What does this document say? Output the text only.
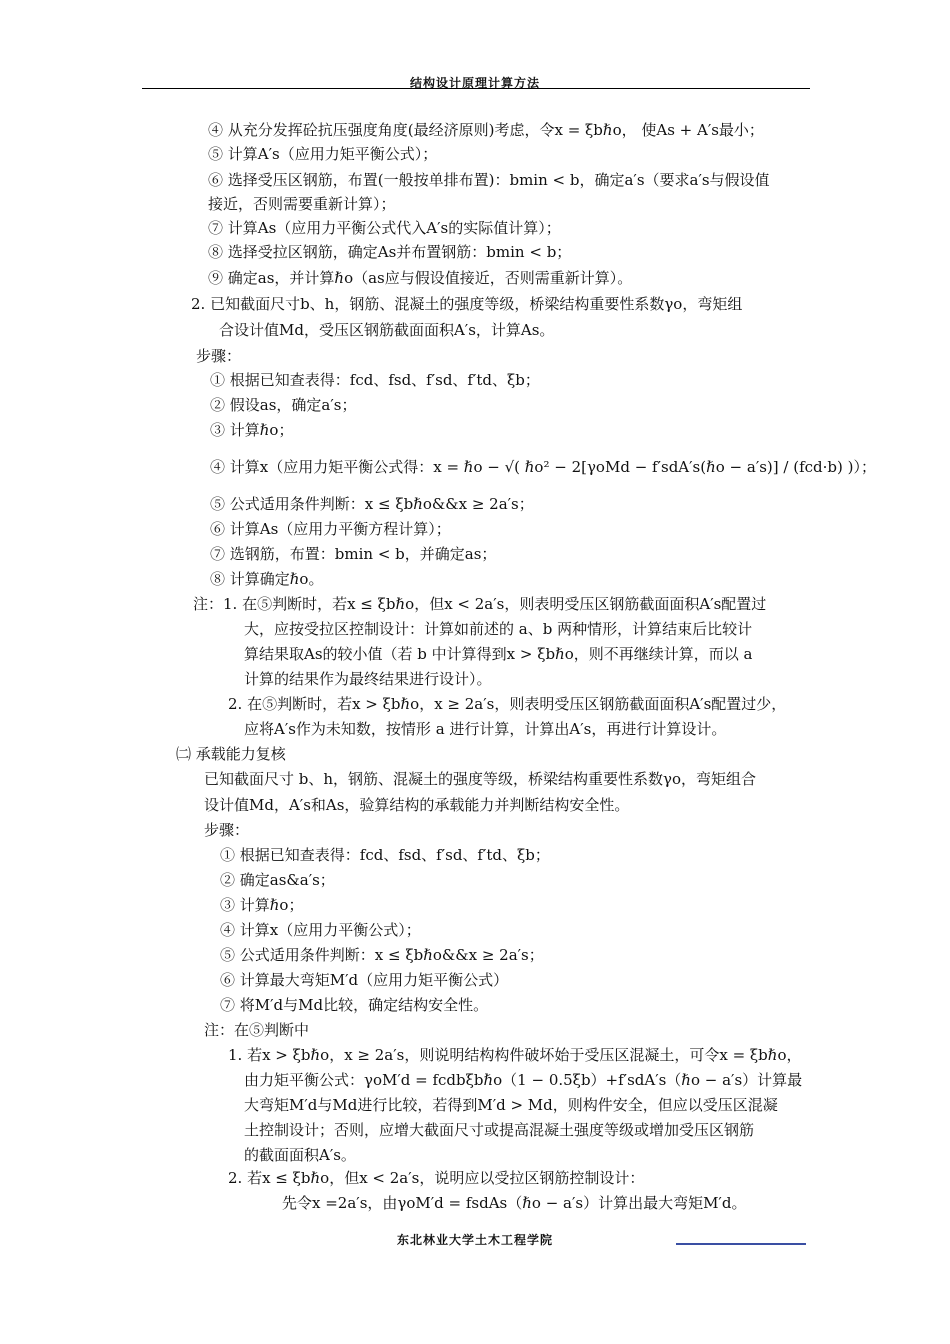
结构设计原理计算方法
④ 从充分发挥砼抗压强度角度(最经济原则)考虑，令x = ξbℏo， 使As + A′s最小；
⑤ 计算A′s（应用力矩平衡公式）；
⑥ 选择受压区钢筋，布置(一般按单排布置)：bmin < b，确定a′s（要求a′s与假设值
接近，否则需要重新计算）；
⑦ 计算As（应用力平衡公式代入A′s的实际值计算）；
⑧ 选择受拉区钢筋，确定As并布置钢筋：bmin < b；
⑨ 确定as，并计算ℏo（as应与假设值接近，否则需重新计算）。
2. 已知截面尺寸b、h，钢筋、混凝土的强度等级，桥梁结构重要性系数γo，弯矩组
合设计值Md，受压区钢筋截面面积A′s，计算As。
步骤：
① 根据已知查表得：fcd、fsd、f′sd、f′td、ξb；
② 假设as，确定a′s；
③ 计算ℏo；
④ 计算x（应用力矩平衡公式得：x = ℏo − √( ℏo² − 2[γoMd − f′sdA′s(ℏo − a′s)] / (fcd·b) )）；
⑤ 公式适用条件判断：x ≤ ξbℏo&&x ≥ 2a′s；
⑥ 计算As（应用力平衡方程计算）；
⑦ 选钢筋，布置：bmin < b，并确定as；
⑧ 计算确定ℏo。
注：1. 在⑤判断时，若x ≤ ξbℏo，但x < 2a′s，则表明受压区钢筋截面面积A′s配置过
大，应按受拉区控制设计：计算如前述的 a、b 两种情形，计算结束后比较计
算结果取As的较小值（若 b 中计算得到x > ξbℏo，则不再继续计算，而以 a
计算的结果作为最终结果进行设计）。
2. 在⑤判断时，若x > ξbℏo，x ≥ 2a′s，则表明受压区钢筋截面面积A′s配置过少，
应将A′s作为未知数，按情形 a 进行计算，计算出A′s，再进行计算设计。
㈡ 承载能力复核
已知截面尺寸 b、h，钢筋、混凝土的强度等级，桥梁结构重要性系数γo，弯矩组合
设计值Md，A′s和As，验算结构的承载能力并判断结构安全性。
步骤：
① 根据已知查表得：fcd、fsd、f′sd、f′td、ξb；
② 确定as&a′s；
③ 计算ℏo；
④ 计算x（应用力平衡公式）；
⑤ 公式适用条件判断：x ≤ ξbℏo&&x ≥ 2a′s；
⑥ 计算最大弯矩M′d（应用力矩平衡公式）
⑦ 将M′d与Md比较，确定结构安全性。
注：在⑤判断中
1. 若x > ξbℏo，x ≥ 2a′s，则说明结构构件破坏始于受压区混凝土，可令x = ξbℏo，
由力矩平衡公式：γoM′d = fcdbξbℏo（1 − 0.5ξb）+f′sdA′s（ℏo − a′s）计算最
大弯矩M′d与Md进行比较，若得到M′d > Md，则构件安全，但应以受压区混凝
土控制设计；否则，应增大截面尺寸或提高混凝土强度等级或增加受压区钢筋
的截面面积A′s。
2. 若x ≤ ξbℏo，但x < 2a′s，说明应以受拉区钢筋控制设计：
先令x =2a′s，由γoM′d = fsdAs（ℏo − a′s）计算出最大弯矩M′d。
东北林业大学土木工程学院
